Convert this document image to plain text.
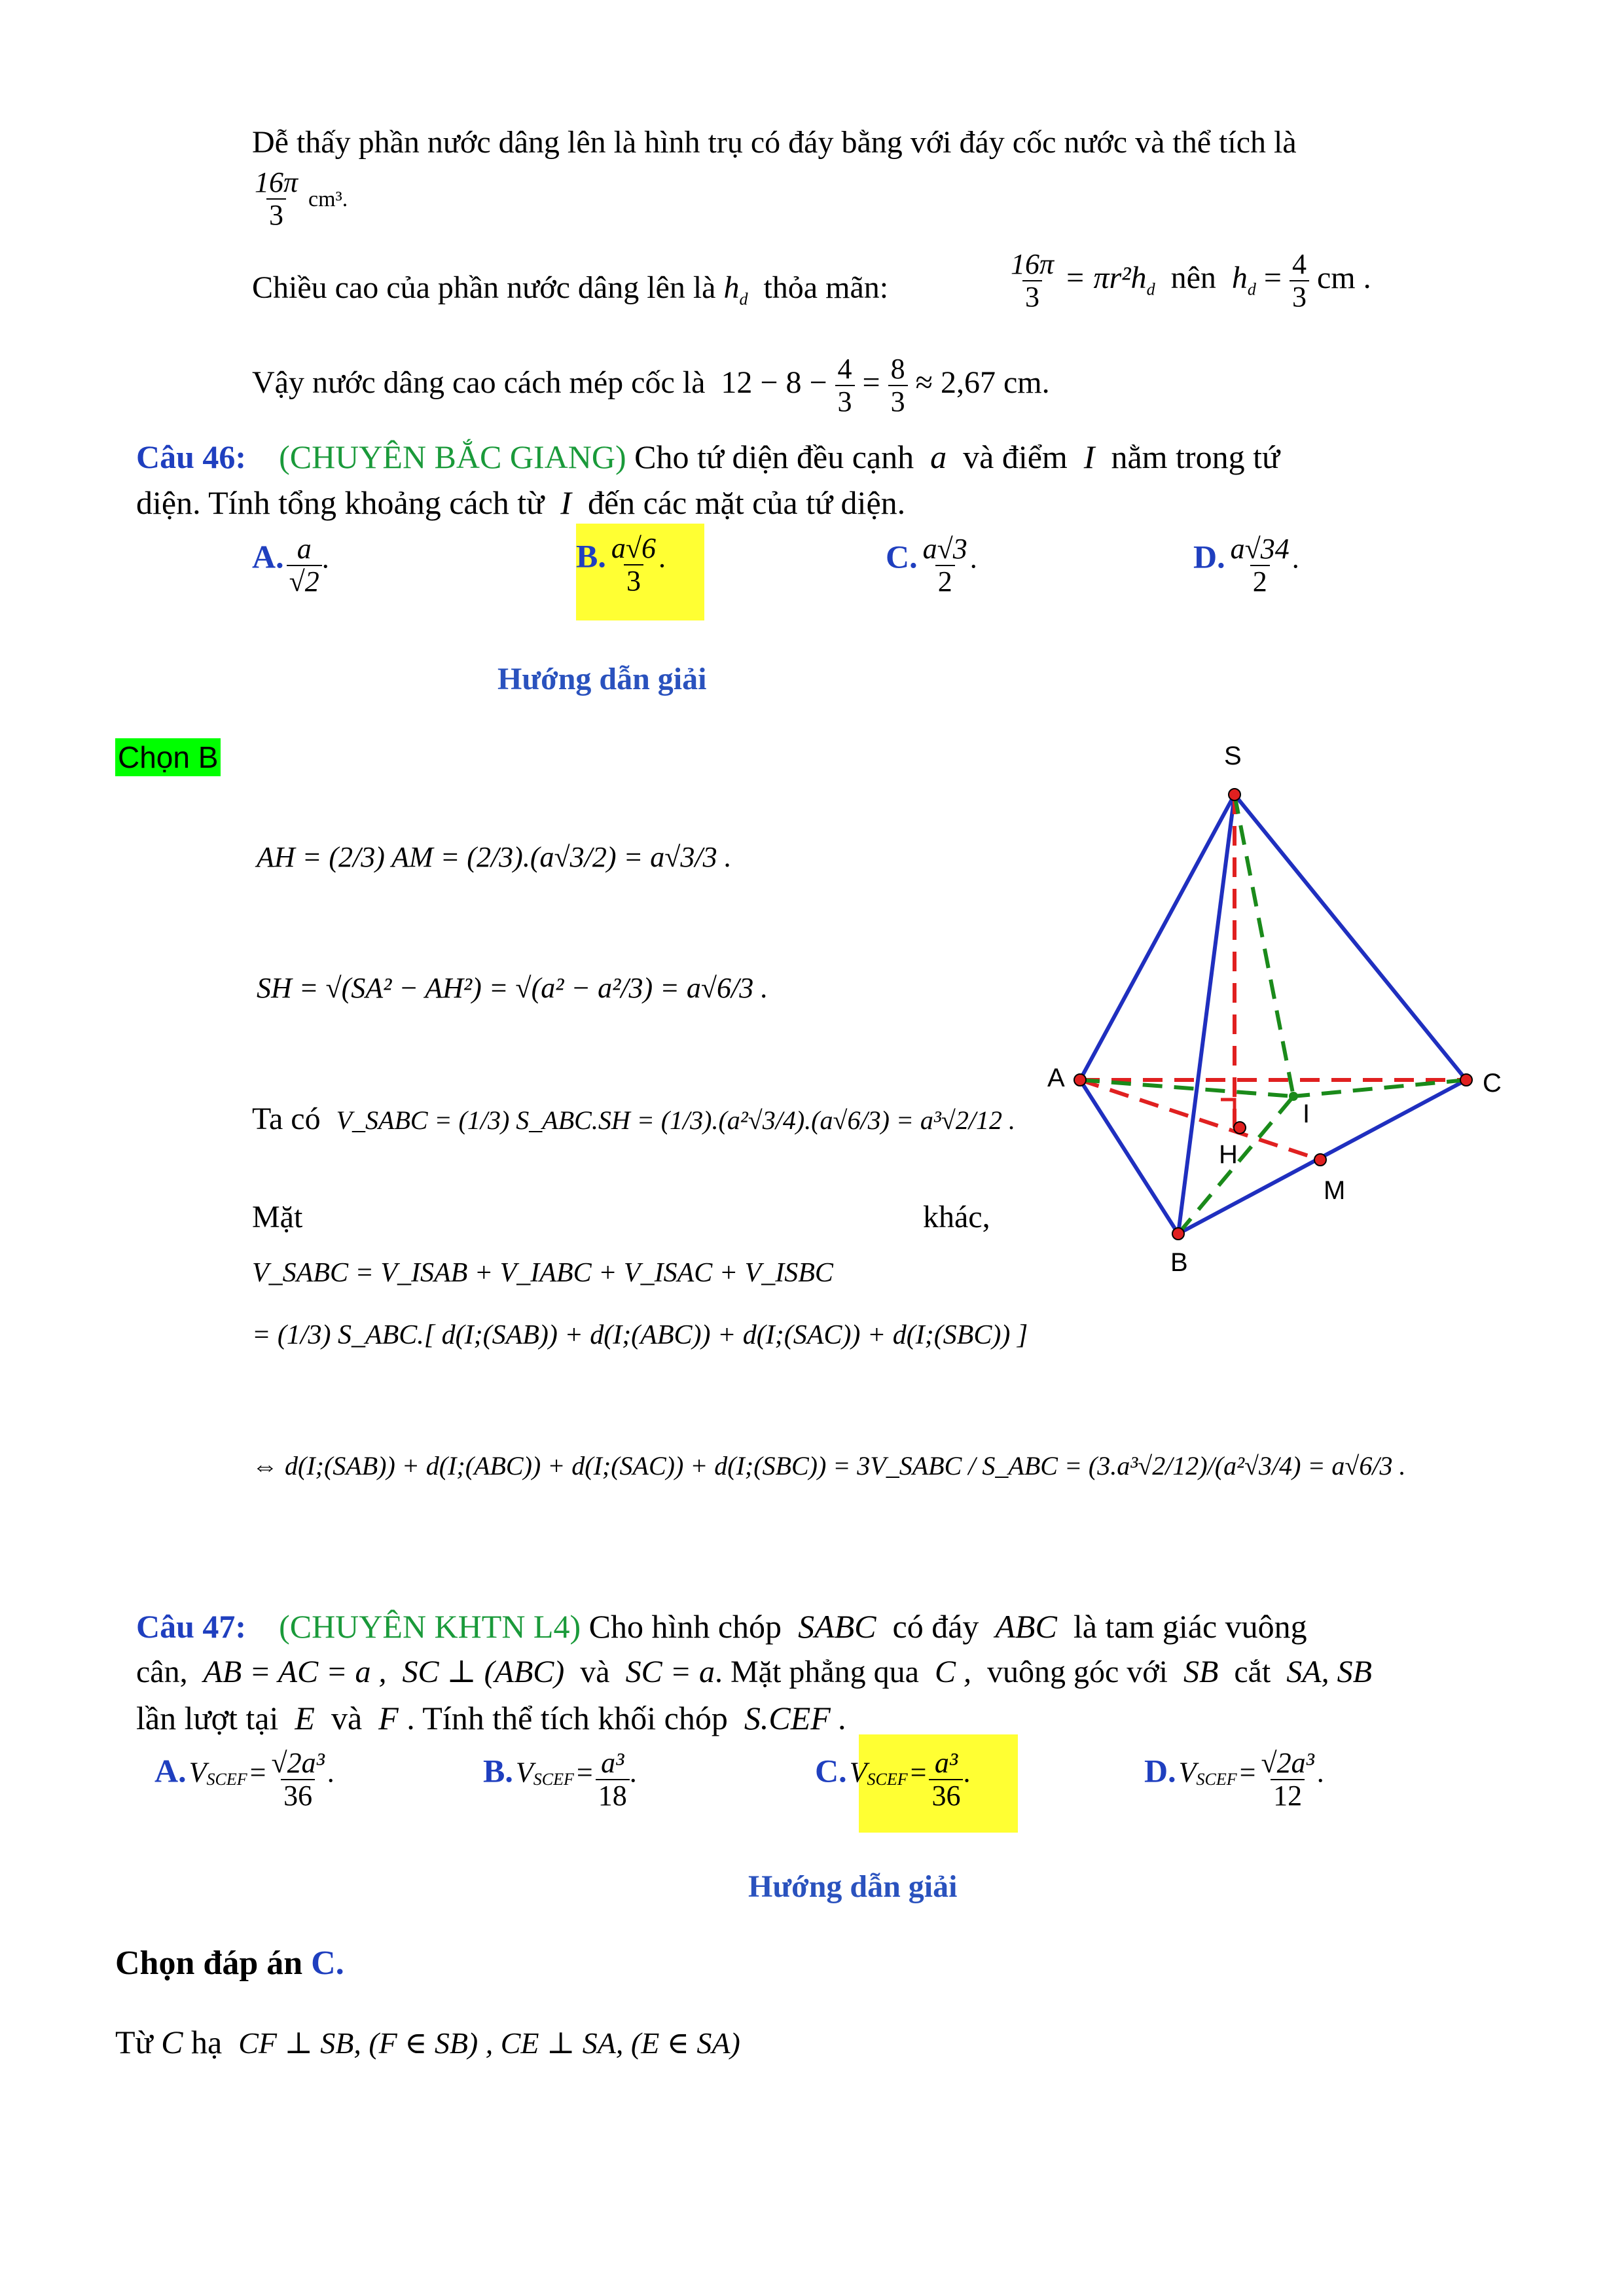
Dễ thấy phần nước dâng lên là hình trụ có đáy bằng với đáy cốc nước và thể tích là
$\frac{16\pi}{3} cm^3$.
Chiều cao của phần nước dâng lên là $h_d$ thỏa mãn:	$\frac{16\pi}{3} = \pi r^2h_d$ nên $h_d = \frac{4}{3}$ cm .
Vậy nước dâng cao cách mép cốc là $12 - 8 - \frac{4}{3} = \frac{8}{3} \approx 2,67$ cm.
Câu 46: (CHUYÊN BẮC GIANG) Cho tứ diện đều cạnh a và điểm I nằm trong tứ
diện. Tính tổng khoảng cách từ I đến các mặt của tứ diện.
A. $\frac{a}{√2}$ .	B. $\frac{a√6}{3}$ .	C. $\frac{a√3}{2}$ .	D. $\frac{a√34}{2}$ .
Hướng dẫn giải
Chọn B
AH = (2/3) AM = (2/3).(a√3/2) = a√3/3 .
SH = √(SA² − AH²) = √(a² − a²/3) = a√6/3 .
Ta có V_SABC = (1/3) S_ABC.SH = (1/3).(a²√3/4).(a√6/3) = a³√2/12 .
Mặt	khác,
V_SABC = V_ISAB + V_IABC + V_ISAC + V_ISBC
= (1/3) S_ABC.[ d(I;(SAB)) + d(I;(ABC)) + d(I;(SAC)) + d(I;(SBC)) ]
⇔ d(I;(SAB)) + d(I;(ABC)) + d(I;(SAC)) + d(I;(SBC)) = 3V_SABC / S_ABC = (3.a³√2/12)/(a²√3/4) = a√6/3 .
S
A	C
B
H
I
M
Câu 47: (CHUYÊN KHTN L4) Cho hình chóp SABC có đáy ABC là tam giác vuông
cân, AB = AC = a , SC ⊥ (ABC) và SC = a. Mặt phẳng qua C , vuông góc với SB cắt SA, SB
lần lượt tại E và F . Tính thể tích khối chóp S.CEF .
A. VSCEF = $\frac{\text{√2a³}}{36}$ .	B. VSCEF = $\frac{\text{a³}}{18}$ .	C. VSCEF = $\frac{\text{a³}}{36}$ .	D. VSCEF = $\frac{\text{√2a³}}{12}$ .
Hướng dẫn giải
Chọn đáp án C.
Từ C hạ CF ⊥ SB, (F ∈ SB) , CE ⊥ SA, (E ∈ SA)
